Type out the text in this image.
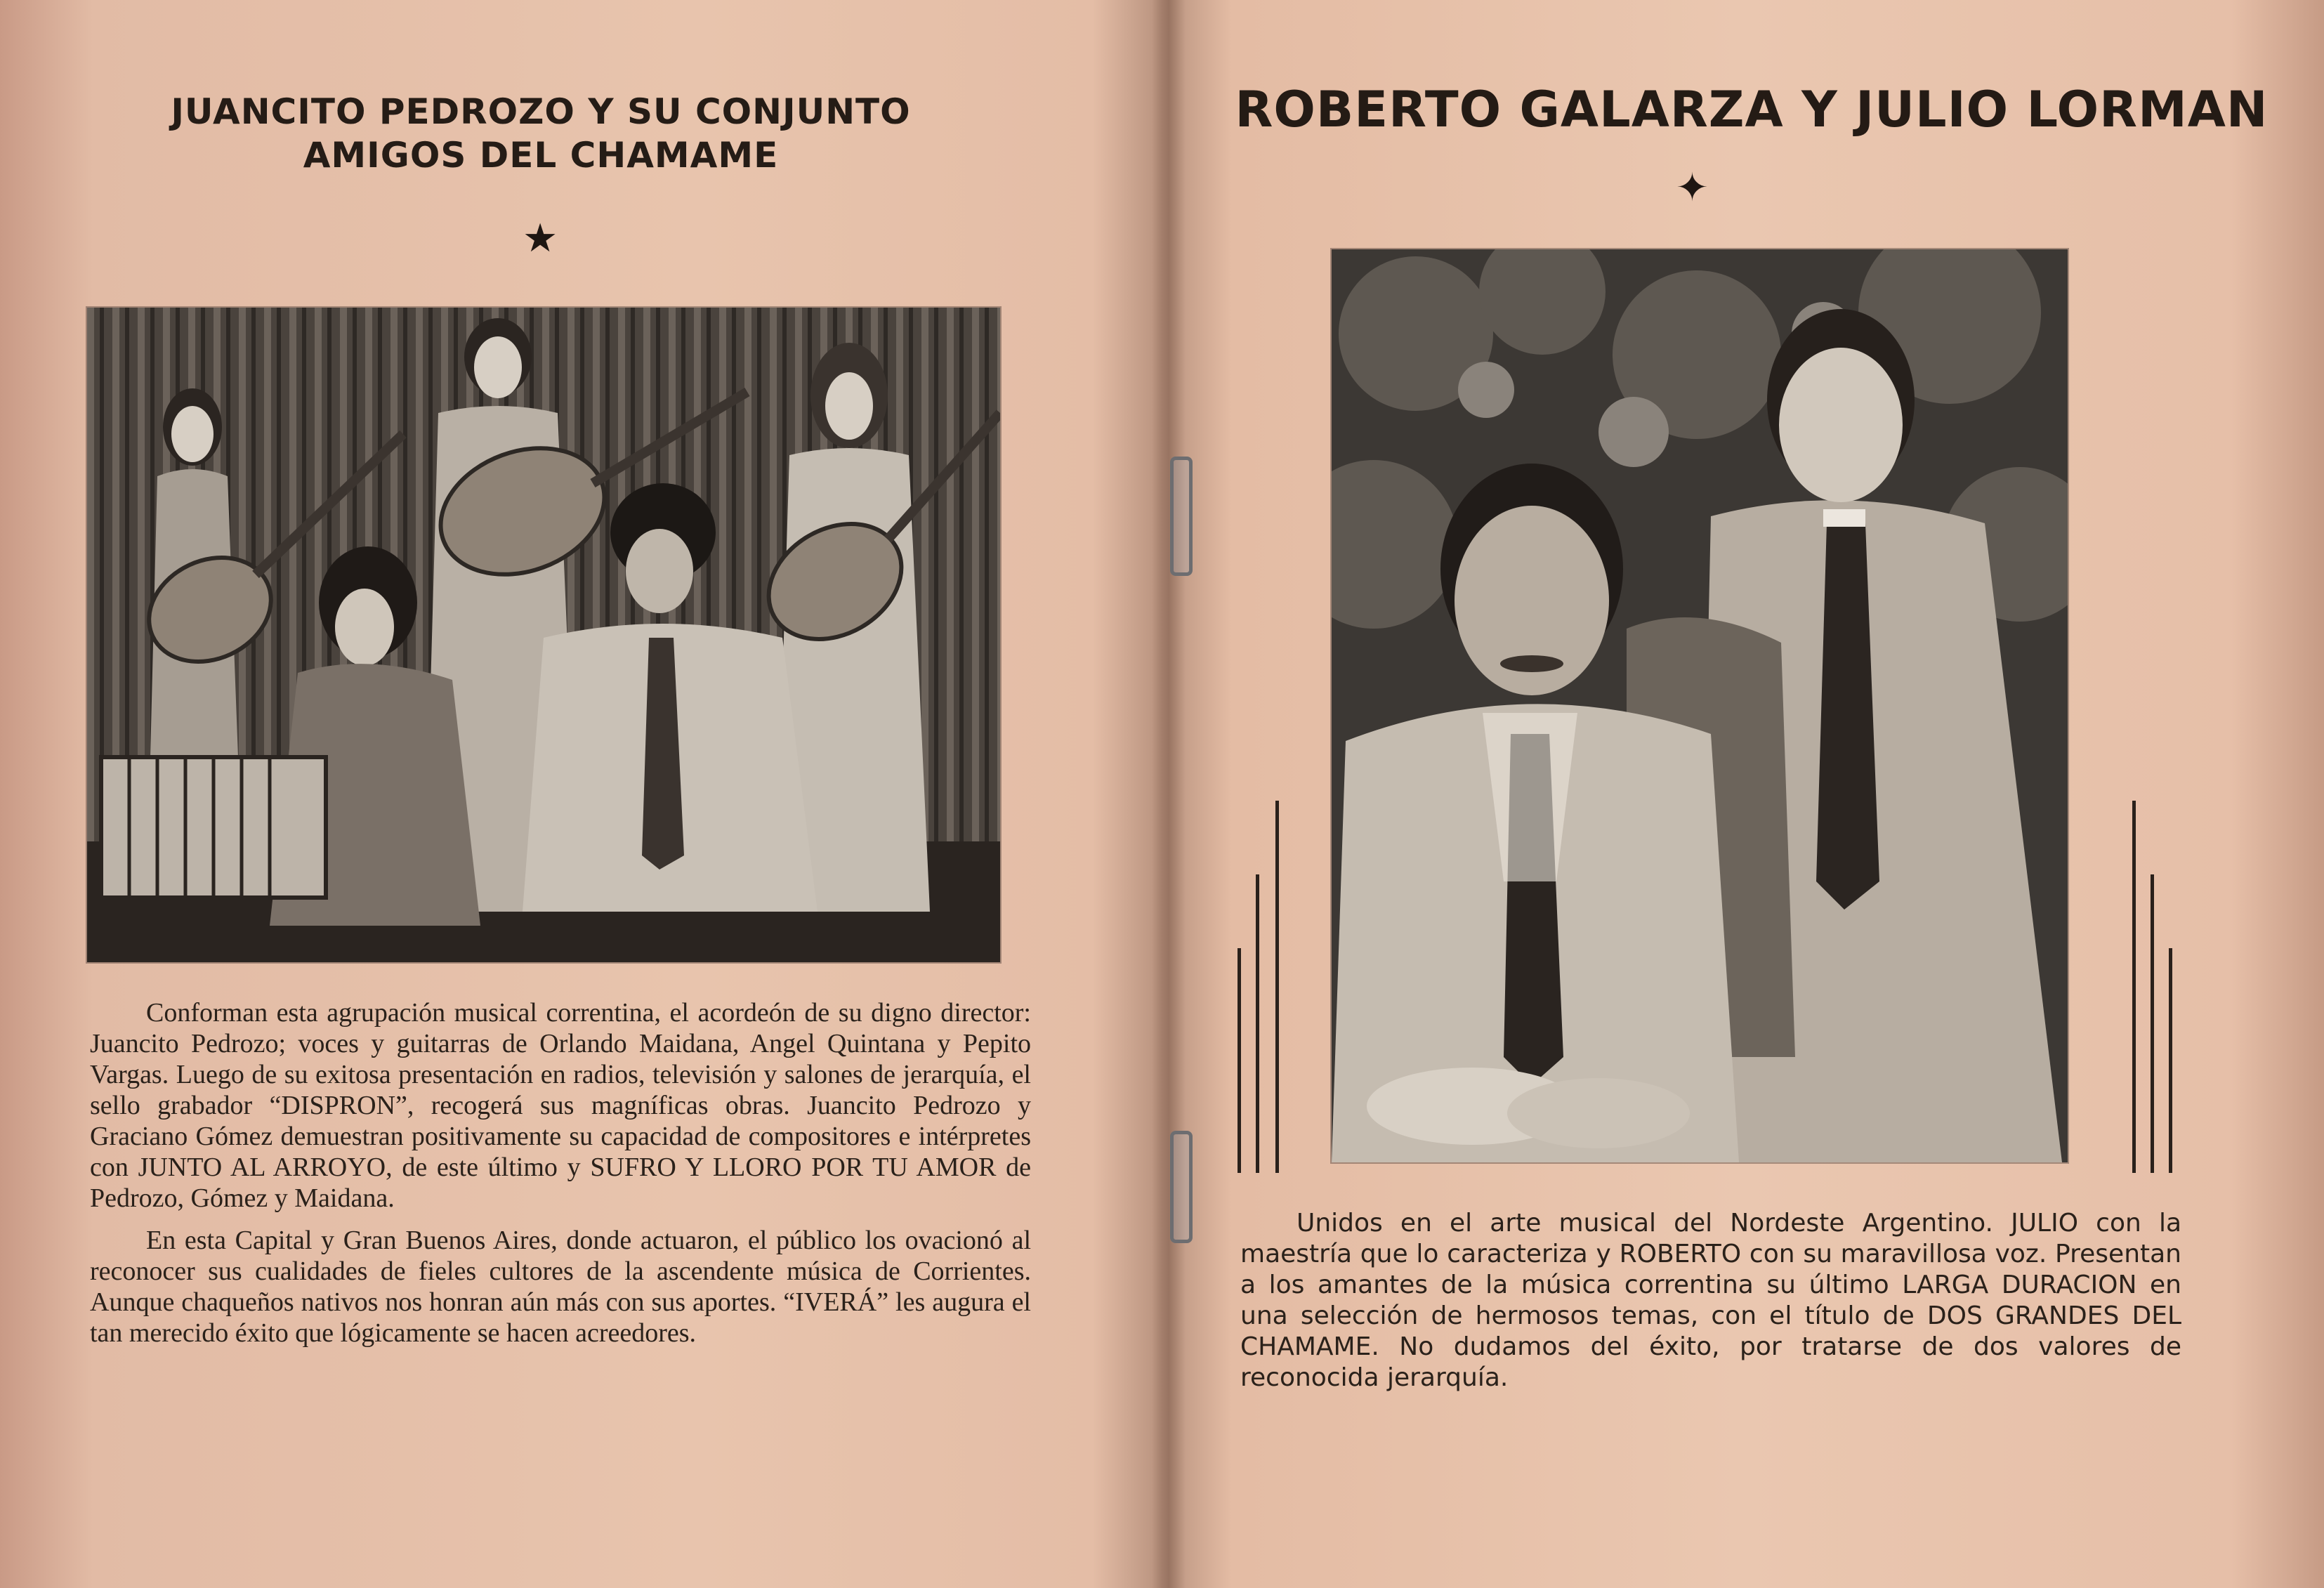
JUANCITO PEDROZO Y SU CONJUNTO
AMIGOS DEL CHAMAME
★

Conforman esta agrupación musical correntina, el acordeón de su digno director: Juancito Pedrozo; voces y guitarras de Orlando Maidana, Angel Quintana y Pepito Vargas. Luego de su exitosa presentación en radios, televisión y salones de jerarquía, el sello grabador “DISPRON”, recogerá sus magníficas obras. Juancito Pedrozo y Graciano Gómez demuestran positivamente su capacidad de compositores e intérpretes con JUNTO AL ARROYO, de este último y SUFRO Y LLORO POR TU AMOR de Pedrozo, Gómez y Maidana.

En esta Capital y Gran Buenos Aires, donde actuaron, el público los ovacionó al reconocer sus cualidades de fieles cultores de la ascendente música de Corrientes. Aunque chaqueños nativos nos honran aún más con sus aportes. “IVERÁ” les augura el tan merecido éxito que lógicamente se hacen acreedores.

ROBERTO GALARZA Y JULIO LORMAN
✦

Unidos en el arte musical del Nordeste Argentino. JULIO con la maestría que lo caracteriza y ROBERTO con su maravillosa voz. Presentan a los amantes de la música correntina su último LARGA DURACION en una selección de hermosos temas, con el título de DOS GRANDES DEL CHAMAME. No dudamos del éxito, por tratarse de dos valores de reconocida jerarquía.
